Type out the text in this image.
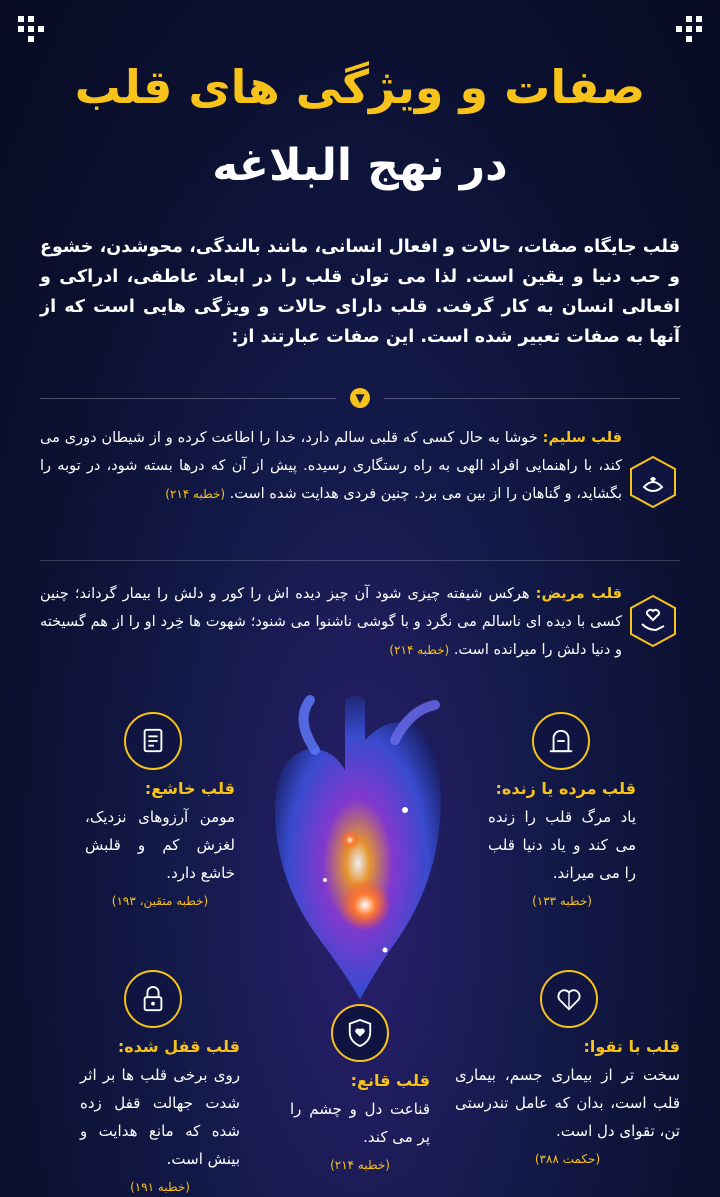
صفات و ویژگی های قلب
در نهج البلاغه
قلب جایگاه صفات، حالات و افعال انسانی، مانند بالندگی، محوشدن، خشوع و حب دنیا و یقین است. لذا می توان قلب را در ابعاد عاطفی، ادراکی و افعالی انسان به کار گرفت. قلب دارای حالات و ویژگی هایی است که از آنها به صفات تعبیر شده است. این صفات عبارتند از:
▼
قلب سلیم: خوشا به حال کسی که قلبی سالم دارد، خدا را اطاعت کرده و از شیطان دوری می کند، با راهنمایی افراد الهی به راه رستگاری رسیده. پیش از آن که درها بسته شود، در توبه را بگشاید، و گناهان را از بین می برد. چنین فردی هدایت شده است. (خطبه ۲۱۴)
قلب مریض: هرکس شیفته چیزی شود آن چیز دیده اش را کور و دلش را بیمار گرداند؛ چنین کسی با دیده ای ناسالم می نگرد و با گوشی ناشنوا می شنود؛ شهوت ها خِرد او را از هم گسیخته و دنیا دلش را میرانده است. (خطبه ۲۱۴)
قلب خاشع:
مومن آرزوهای نزدیک، لغزش کم و قلبش خاشع دارد.
(خطبه متقین، ۱۹۳)
قلب مرده یا زنده:
یاد مرگ قلب را زنده می کند و یاد دنیا قلب را می میراند.
(خطبه ۱۳۳)
قلب قفل شده:
روی برخی قلب ها بر اثر شدت جهالت قفل زده شده که مانع هدایت و بینش است.
(خطبه ۱۹۱)
قلب قانع:
قناعت دل و چشم را پر می کند.
(خطبه ۲۱۴)
قلب با تقوا:
سخت تر از بیماری جسم، بیماری قلب است، بدان که عامل تندرستی تن، تقوای دل است.
(حکمت ۳۸۸)
